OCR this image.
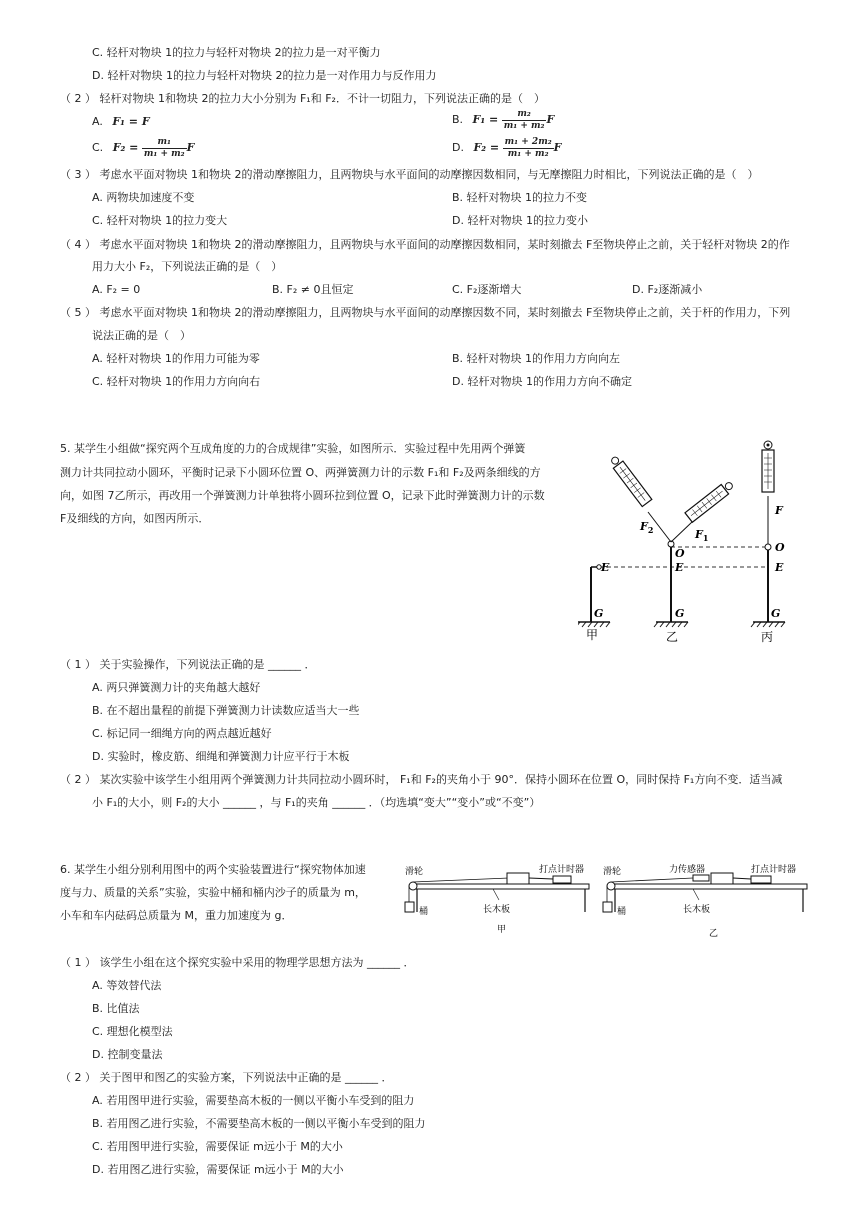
C. 轻杆对物块 1的拉力与轻杆对物块 2的拉力是一对平衡力
D. 轻杆对物块 1的拉力与轻杆对物块 2的拉力是一对作用力与反作用力
（ 2 ） 轻杆对物块 1和物块 2的拉力大小分别为 F₁和 F₂．不计一切阻力，下列说法正确的是（　）
A. F₁ = F	B. $F_1 = \frac{\text{m₂}}{\text{m₁ + m₂}}$ F
C. $F_2 = \frac{\text{m₁}}{\text{m₁ + m₂}}$ F	D. $F_2 = \frac{\text{m₁ + 2m₂}}{\text{m₁ + m₂}}$ F
（ 3 ） 考虑水平面对物块 1和物块 2的滑动摩擦阻力，且两物块与水平面间的动摩擦因数相同，与无摩擦阻力时相比，下列说法正确的是（　）
A. 两物块加速度不变	B. 轻杆对物块 1的拉力不变
C. 轻杆对物块 1的拉力变大	D. 轻杆对物块 1的拉力变小
（ 4 ） 考虑水平面对物块 1和物块 2的滑动摩擦阻力，且两物块与水平面间的动摩擦因数相同，某时刻撤去 F至物块停止之前，关于轻杆对物块 2的作
用力大小 F₂，下列说法正确的是（　）
A. F₂ = 0	B. F₂ ≠ 0且恒定	C. F₂逐渐增大	D. F₂逐渐减小
（ 5 ） 考虑水平面对物块 1和物块 2的滑动摩擦阻力，且两物块与水平面间的动摩擦因数不同，某时刻撤去 F至物块停止之前，关于杆的作用力，下列
说法正确的是（　）
A. 轻杆对物块 1的作用力可能为零	B. 轻杆对物块 1的作用力方向向左
C. 轻杆对物块 1的作用力方向向右	D. 轻杆对物块 1的作用力方向不确定
5. 某学生小组做“探究两个互成角度的力的合成规律”实验，如图所示．实验过程中先用两个弹簧
测力计共同拉动小圆环，平衡时记录下小圆环位置 O、两弹簧测力计的示数 F₁和 F₂及两条细线的方
向，如图 7乙所示，再改用一个弹簧测力计单独将小圆环拉到位置 O，记录下此时弹簧测力计的示数
F及细线的方向，如图丙所示．
E
G
甲
$F_2$	$F_1$
O
E
G
乙
F
O
E
G
丙
（ 1 ） 关于实验操作，下列说法正确的是 ______ ．
A. 两只弹簧测力计的夹角越大越好
B. 在不超出量程的前提下弹簧测力计读数应适当大一些
C. 标记同一细绳方向的两点越近越好
D. 实验时，橡皮筋、细绳和弹簧测力计应平行于木板
（ 2 ） 某次实验中该学生小组用两个弹簧测力计共同拉动小圆环时， F₁和 F₂的夹角小于 90°．保持小圆环在位置 O，同时保持 F₁方向不变．适当减
小 F₁的大小，则 F₂的大小 ______ ，与 F₁的夹角 ______ ．（均选填“变大”“变小”或“不变”）
6. 某学生小组分别利用图中的两个实验装置进行“探究物体加速
度与力、质量的关系”实验，实验中桶和桶内沙子的质量为 m，
小车和车内砝码总质量为 M，重力加速度为 g．
滑轮	打点计时器
桶	长木板
甲
滑轮	力传感器	打点计时器
桶	长木板
乙
（ 1 ） 该学生小组在这个探究实验中采用的物理学思想方法为 ______ ．
A. 等效替代法
B. 比值法
C. 理想化模型法
D. 控制变量法
（ 2 ） 关于图甲和图乙的实验方案，下列说法中正确的是 ______ ．
A. 若用图甲进行实验，需要垫高木板的一侧以平衡小车受到的阻力
B. 若用图乙进行实验，不需要垫高木板的一侧以平衡小车受到的阻力
C. 若用图甲进行实验，需要保证 m远小于 M的大小
D. 若用图乙进行实验，需要保证 m远小于 M的大小
